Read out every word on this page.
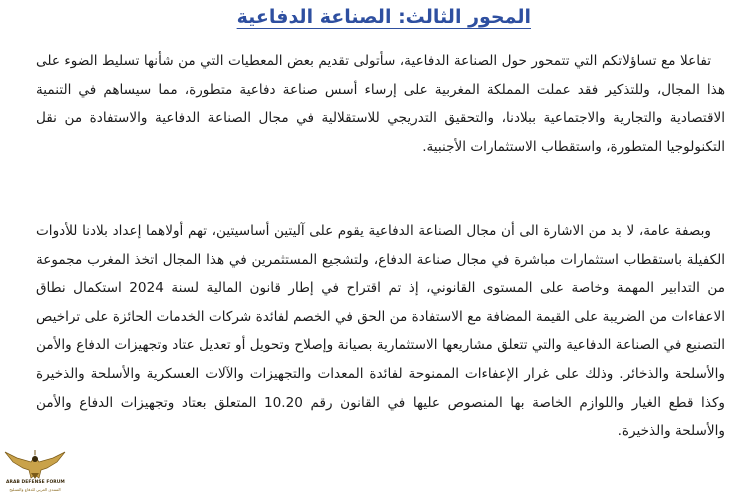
المحور الثالث: الصناعة الدفاعية
تفاعلا مع تساؤلاتكم التي تتمحور حول الصناعة الدفاعية، سأتولى تقديم بعض المعطيات التي من شأنها تسليط الضوء على هذا المجال، وللتذكير فقد عملت المملكة المغربية على إرساء أسس صناعة دفاعية متطورة، مما سيساهم في التنمية الاقتصادية والتجارية والاجتماعية ببلادنا، والتحقيق التدريجي للاستقلالية في مجال الصناعة الدفاعية والاستفادة من نقل التكنولوجيا المتطورة، واستقطاب الاستثمارات الأجنبية.
وبصفة عامة، لا بد من الاشارة الى أن مجال الصناعة الدفاعية يقوم على آليتين أساسيتين، تهم أولاهما إعداد بلادنا للأدوات الكفيلة باستقطاب استثمارات مباشرة في مجال صناعة الدفاع، ولتشجيع المستثمرين في هذا المجال اتخذ المغرب مجموعة من التدابير المهمة وخاصة على المستوى القانوني، إذ تم اقتراح في إطار قانون المالية لسنة 2024 استكمال نطاق الاعفاءات من الضريبة على القيمة المضافة مع الاستفادة من الحق في الخصم لفائدة شركات الخدمات الحائزة على تراخيص التصنيع في الصناعة الدفاعية والتي تتعلق مشاريعها الاستثمارية بصيانة وإصلاح وتحويل أو تعديل عتاد وتجهيزات الدفاع والأمن والأسلحة والذخائر. وذلك على غرار الإعفاءات الممنوحة لفائدة المعدات والتجهيزات والآلات العسكرية والأسلحة والذخيرة وكذا قطع الغيار واللوازم الخاصة بها المنصوص عليها في القانون رقم 10.20 المتعلق بعتاد وتجهيزات الدفاع والأمن والأسلحة والذخيرة.
ARAB DEFENSE FORUM
المنتدى العربي للدفاع والتسليح
